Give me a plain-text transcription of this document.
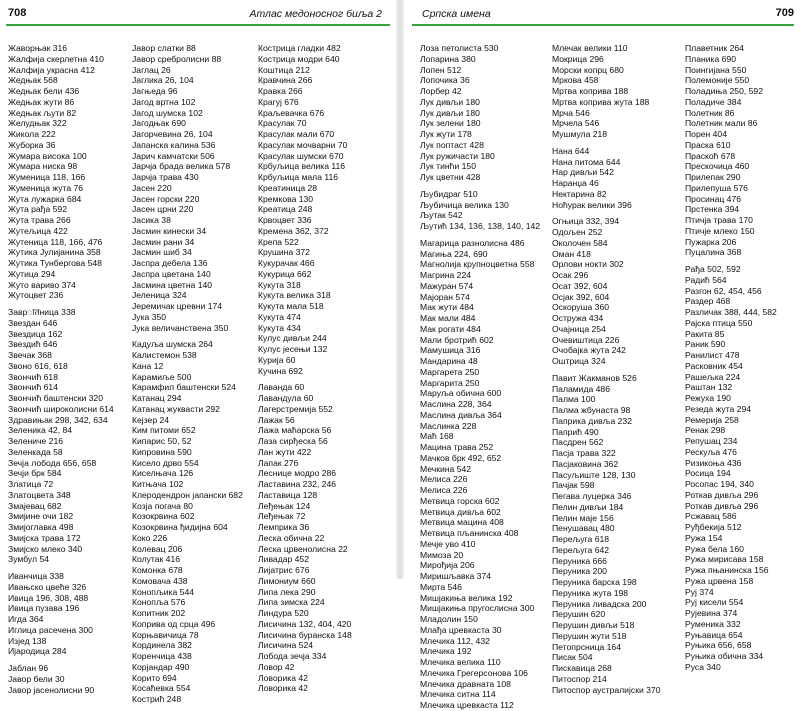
708	Атлас медоносног биља 2	Српска имена	709
Жаворњак 316
Жалфија скерлетна 410
Жалфија украсна 412
Жедњак 568
Жедњак бели 436
Жедњак жути 86
Жедњак љути 82
Желудњак 322
Жикола 222
Жуборка 36
Жумара висока 100
Жумара ниска 98
Жуменица 118, 166
Жуменица жута 76
Жута лужарка 684
Жута рађа 592
Жута трава 266
Жутељица 422
Жутеница 118, 166, 476
Жутика Јулијанина 358
Жутика Тунбергова 548
Жутица 294
Жуто вариво 374
Жутоцвет 236
Заврातница 338
Звездан 646
Звездица 162
Звездић 646
Звечак 368
Звоно 616, 618
Звончић 618
Звончић 614
Звончић баштенски 320
Звончић широколисни 614
Здравињак 298, 342, 634
Зеленика 42, 84
Зелениче 216
Зеленкада 58
Зечја лобода 656, 658
Зечји брк 584
Златица 72
Златоцвета 348
Змајевац 682
Змијине очи 182
Змијоглавка 498
Змијска трава 172
Змијско млеко 340
Зумбул 54
Иванчица 338
Ивањско цвеће 326
Ивица 196, 308, 488
Ивица пузава 196
Игда 364
Иглица расечена 300
Изјед 138
Ијародица 284
Јаблан 96
Јавор бели 30
Јавор јасенолисни 90
Јавор слатки 88
Јавор сребролисни 88
Јаглац 26
Јаглика 26, 104
Јагњеда 96
Јагод вртна 102
Јагод шумска 102
Јагодњак 690
Јагорчевина 26, 104
Јапанска калина 536
Јарич камчатски 506
Јарчја брада велика 578
Јарчја трава 430
Јасен 220
Јасен горски 220
Јасен црни 220
Јасика 38
Јасмин кинески 34
Јасмин рани 34
Јасмин шиб 34
Јаспра дебела 136
Јаспра цветана 140
Јасмина цветна 140
Јеленица 324
Јеремичак цревни 174
Јука 350
Јука величанствена 350
Кадуља шумска 264
Калистемон 538
Кана 12
Карамиље 500
Карамфил баштенски 524
Катанац 294
Катанац жуквасти 292
Кејзер 24
Ким питоми 652
Кипарис 50, 52
Кипровина 590
Кисело дрво 554
Киселњача 126
Китњача 102
Клеродендрон јапански 682
Козја погача 80
Козокрвина 602
Козокрвина ђидијна 604
Коко 226
Колевац 206
Колутак 416
Комонка 678
Комовача 438
Конопљика 544
Конопља 576
Копитник 202
Коприва од срца 496
Корњавичица 78
Кординела 382
Коренчица 438
Корјандар 490
Корито 694
Косаћевка 554
Кострић 248
Кострица гладки 482
Кострица модри 640
Коштица 212
Кравчина 266
Кравка 266
Крагуј 676
Краљевачка 676
Красулак 70
Красулак мали 670
Красулак мочварни 70
Красулак шумски 670
Крбуљица велика 116
Крбуљица мала 116
Креатиница 28
Кремкова 130
Креатица 248
Крвоцвет 336
Кремена 362, 372
Крепа 522
Крушина 372
Кукурачак 466
Кукурица 662
Кукута 318
Кукута велика 318
Кукута мала 518
Кукута 474
Кукута 434
Кулус дивљи 244
Кулус јесењи 132
Курија 60
Кучина 692
Лаванда 60
Лавандула 60
Лагерстремија 552
Лажак 56
Лажа маћарска 56
Лаза сирђеска 56
Лан жути 422
Лапак 276
Леснице модро 286
Ластавина 232, 246
Ластавица 128
Леђењак 124
Леђењак 72
Лемприка 36
Леска обична 22
Леска црвенолисна 22
Ливадар 452
Лијатрис 676
Лимониум 660
Липа лека 290
Липа зимска 224
Линдура 520
Лисичина 132, 404, 420
Лисичина буранска 148
Лисичина 524
Лобода зечја 334
Ловор 42
Ловорика 42
Ловорика 42
Лоза петолиста 530
Лопарина 380
Лопен 512
Лопочика 36
Лорбер 42
Лук дивљи 180
Лук дивљи 180
Лук зелени 180
Лук жути 178
Лук поптаст 428
Лук ружичасти 180
Лук тинћи 150
Лук цветни 428
Љубидраг 510
Љубичица велика 130
Љутак 542
Љутић 134, 136, 138, 140, 142
Магарица разнолисна 486
Магиња 224, 690
Магнолија крупноцветна 558
Магрина 224
Мажуран 574
Мајоран 574
Мак жути 484
Мак мали 484
Мак рогати 484
Мали бротрић 602
Мамушица 316
Мандарина 48
Маргарета 250
Маргарита 250
Маруља обична 600
Маслина 228, 364
Маслина дивља 364
Маслинка 228
Маћ 168
Мацина трава 252
Мачков брк 492, 652
Мечкина 542
Мелиса 226
Мелиса 226
Метвица горска 602
Метвица дивља 602
Метвица мацина 408
Метвица пљанинска 408
Мечје уво 410
Мимоза 20
Мирођија 206
Миришљавка 374
Мирта 546
Мишјакиња велика 192
Мишјакиња пругослисна 300
Младолин 150
Млађа цревкаста 30
Млечика 112, 432
Млечика 192
Млечика велика 110
Млечика Грегерсонова 106
Млечика дравната 108
Млечика ситна 114
Млечика цревкаста 112
Млечак велики 110
Мокрица 296
Морски копрц 680
Мркова 458
Мртва коприва 188
Мртва коприва жута 188
Мрча 546
Мрчела 546
Мушмула 218
Нана 644
Нана питома 644
Нар дивљи 542
Наранџа 46
Нектарина 82
Ноћурак велики 396
Огњица 332, 394
Одољен 252
Околочен 584
Оман 418
Орлови нокти 302
Осак 296
Осат 392, 604
Осјак 392, 604
Оскоруша 360
Остружа 434
Очајница 254
Очевиштица 226
Очобајка жута 242
Оштрица 324
Павит Жакманов 526
Паламида 486
Палма 100
Палма жбунаста 98
Паприка дивља 232
Папрић 490
Пасдрен 562
Пасја трава 322
Пасјаковина 362
Пасуљиште 128, 130
Пачјак 598
Пегава луцерка 346
Пелин дивљи 184
Пелин маје 156
Пенушавац 480
Перељуга 618
Перељуга 642
Перуника 666
Перуника 200
Перуника барска 198
Перуника жута 198
Перуника ливадска 200
Перушин 620
Перушин дивљи 518
Перушин жути 518
Петопрсница 164
Писак 504
Пискавица 268
Питоспор 214
Питоспор аустралијски 370
Плаветник 264
Планика 690
Поингијана 550
Полемоније 550
Поладиња 250, 592
Поладиче 384
Полетник 86
Полетник мали 86
Порен 404
Праска 610
Праскоћ 678
Прескочица 460
Прилепак 290
Прилепуша 576
Просинац 476
Прстенка 394
Птичја трава 170
Птичје млеко 150
Пужарка 206
Пуцалина 368
Рађа 502, 592
Радић 564
Разгон 62, 454, 456
Раздер 468
Различак 388, 444, 582
Рајска птица 550
Ракита 85
Раник 590
Ранилист 478
Расковник 454
Рашељка 224
Раштан 132
Режуха 190
Резеда жута 294
Ремерија 258
Ренак 298
Репушац 234
Рескуља 476
Ризикоња 436
Росица 194
Росопас 194, 340
Роткав дивља 296
Роткав дивља 296
Рсжавац 586
Руђбекија 512
Ружа 154
Ружа бела 160
Ружа мирисава 158
Ружа пњанинска 156
Ружа црвена 158
Руј 374
Руј кисели 554
Рујевина 374
Руменика 332
Руњавица 654
Руњика 656, 658
Руњика обична 334
Руса 340
